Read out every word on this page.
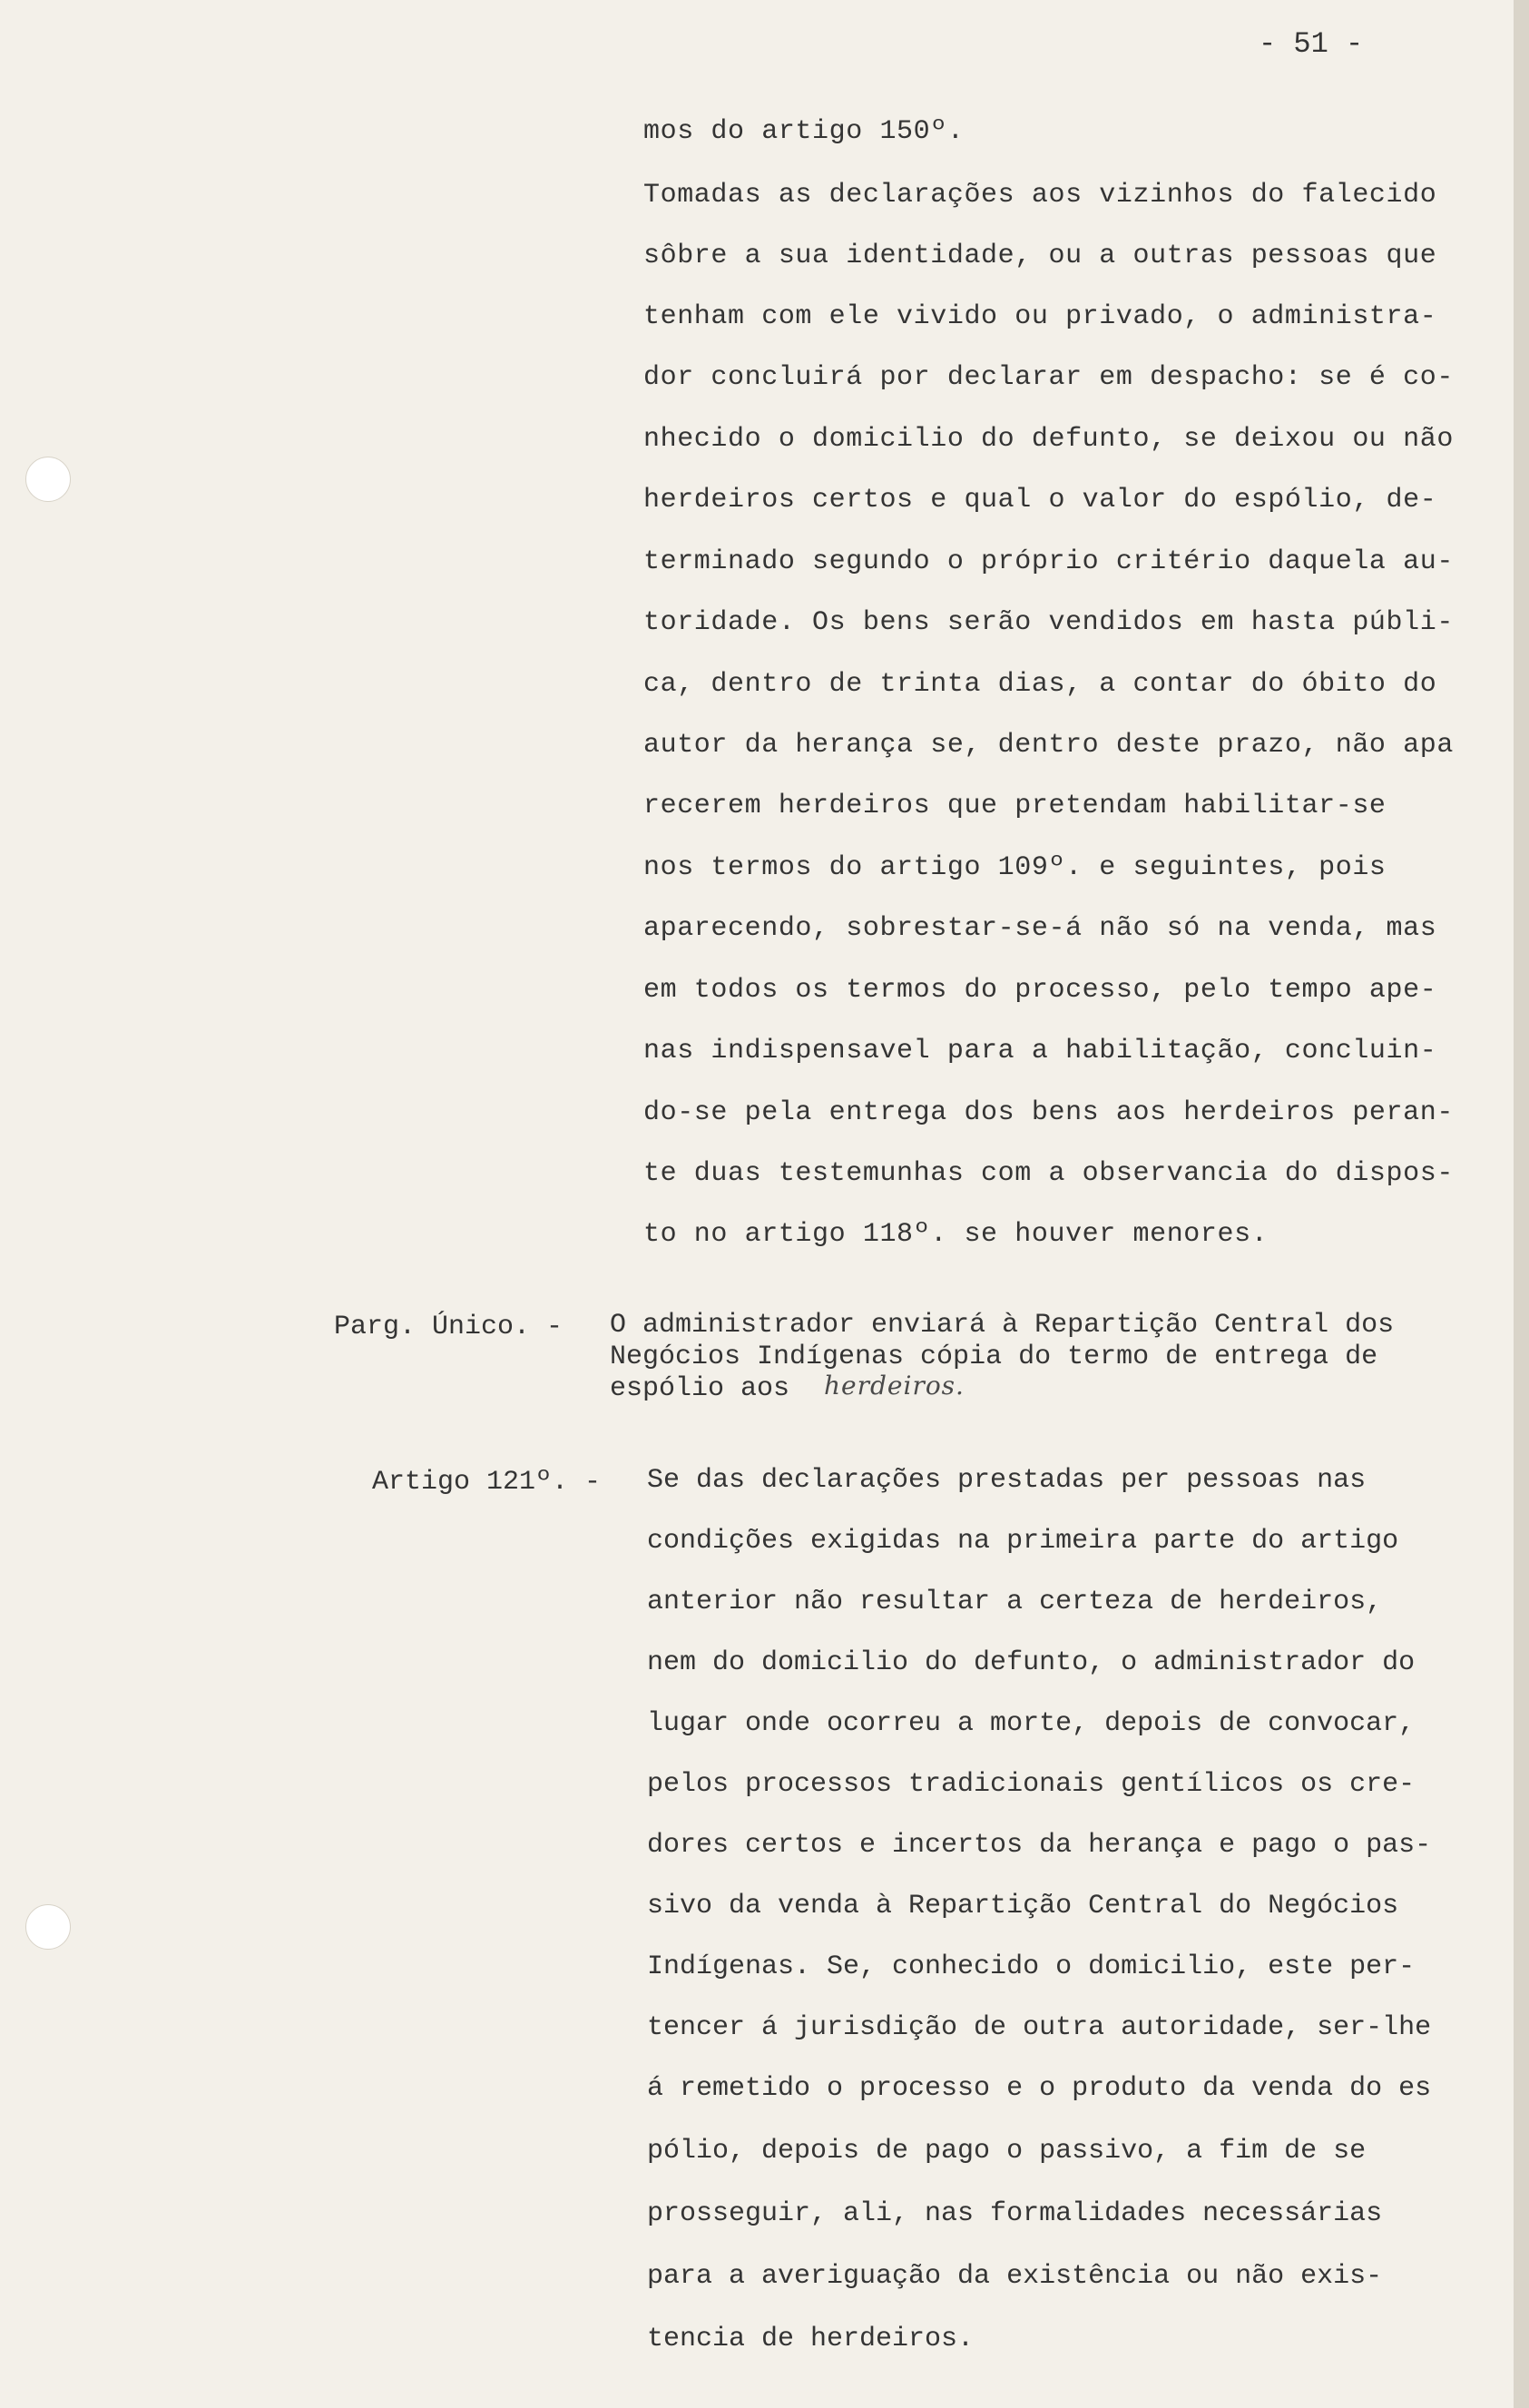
- 51 -
mos do artigo 150º.
Tomadas as declarações aos vizinhos do falecido
sôbre a sua identidade, ou a outras pessoas que
tenham com ele vivido ou privado, o administra-
dor concluirá por declarar em despacho: se é co-
nhecido o domicilio do defunto, se deixou ou não
herdeiros certos e qual o valor do espólio, de-
terminado segundo o próprio critério daquela au-
toridade. Os bens serão vendidos em hasta públi-
ca, dentro de trinta dias, a contar do óbito do
autor da herança se, dentro deste prazo, não apa
recerem herdeiros que pretendam habilitar-se
nos termos do artigo 109º. e seguintes, pois
aparecendo, sobrestar-se-á não só na venda, mas
em todos os termos do processo, pelo tempo ape-
nas indispensavel para a habilitação, concluin-
do-se pela entrega dos bens aos herdeiros peran-
te duas testemunhas com a observancia do dispos-
to no artigo 118º. se houver menores.
Parg. Único. - O administrador enviará à Repartição Central dos
Negócios Indígenas cópia do termo de entrega de
espólio aos herdeiros.
Artigo 121º. - Se das declarações prestadas per pessoas nas
condições exigidas na primeira parte do artigo
anterior não resultar a certeza de herdeiros,
nem do domicilio do defunto, o administrador do
lugar onde ocorreu a morte, depois de convocar,
pelos processos tradicionais gentílicos os cre-
dores certos e incertos da herança e pago o pas-
sivo da venda à Repartição Central do Negócios
Indígenas. Se, conhecido o domicilio, este per-
tencer á jurisdição de outra autoridade, ser-lhe
á remetido o processo e o produto da venda do es
pólio, depois de pago o passivo, a fim de se
prosseguir, ali, nas formalidades necessárias
para a averiguação da existência ou não exis-
tencia de herdeiros.
